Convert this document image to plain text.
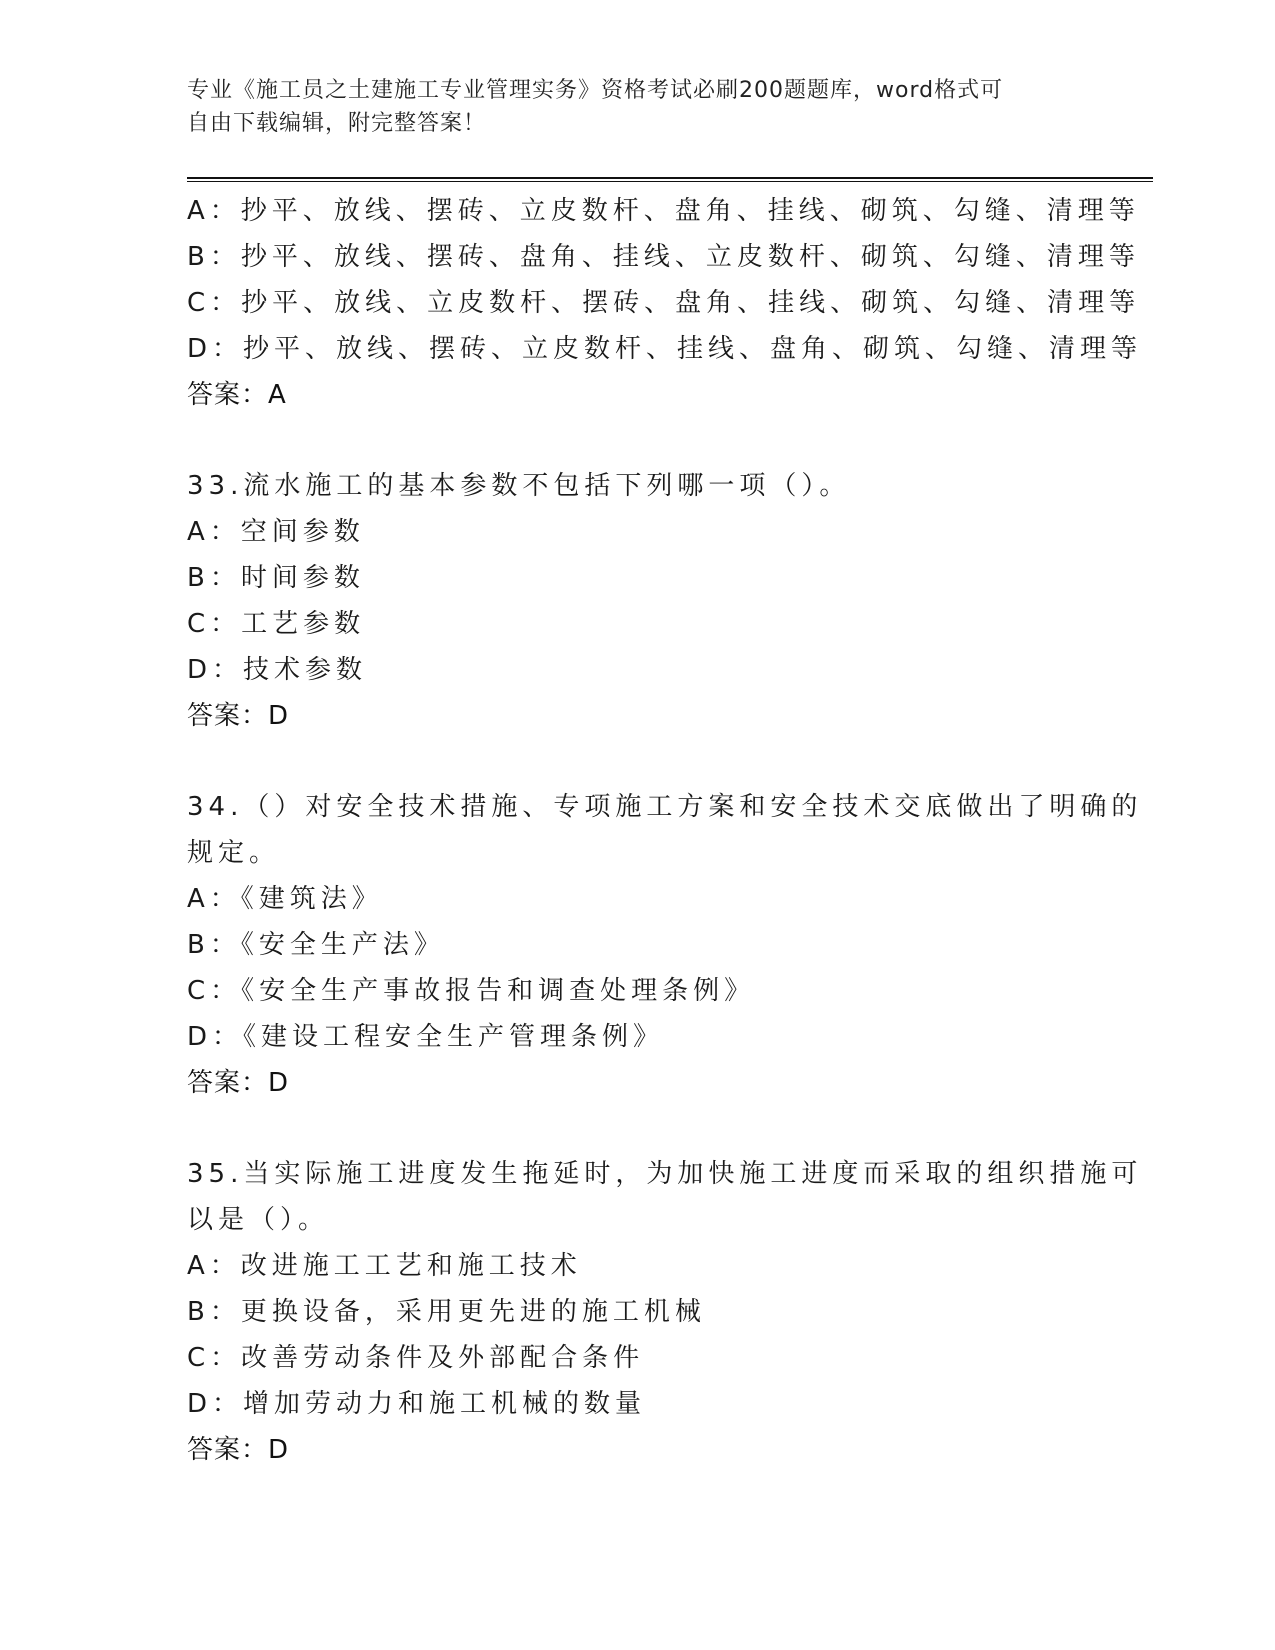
专业《施工员之土建施工专业管理实务》资格考试必刷200题题库，word格式可
自由下载编辑，附完整答案！
A：抄平、放线、摆砖、立皮数杆、盘角、挂线、砌筑、勾缝、清理等
B：抄平、放线、摆砖、盘角、挂线、立皮数杆、砌筑、勾缝、清理等
C：抄平、放线、立皮数杆、摆砖、盘角、挂线、砌筑、勾缝、清理等
D：抄平、放线、摆砖、立皮数杆、挂线、盘角、砌筑、勾缝、清理等
答案：A
33.流水施工的基本参数不包括下列哪一项（）。
A：空间参数
B：时间参数
C：工艺参数
D：技术参数
答案：D
34.（）对安全技术措施、专项施工方案和安全技术交底做出了明确的
规定。
A：《建筑法》
B：《安全生产法》
C：《安全生产事故报告和调查处理条例》
D：《建设工程安全生产管理条例》
答案：D
35.当实际施工进度发生拖延时，为加快施工进度而采取的组织措施可
以是（）。
A：改进施工工艺和施工技术
B：更换设备，采用更先进的施工机械
C：改善劳动条件及外部配合条件
D：增加劳动力和施工机械的数量
答案：D
